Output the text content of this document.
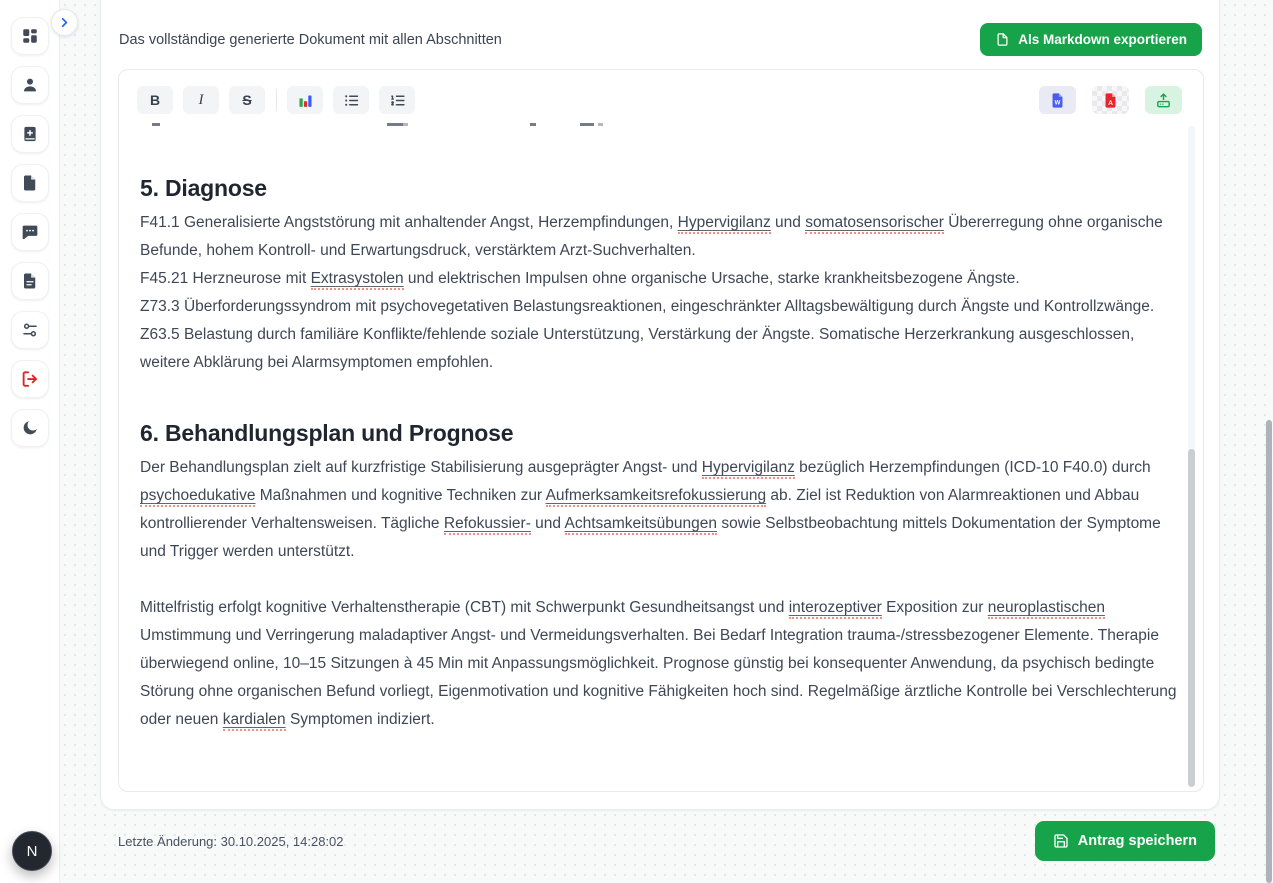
N
Das vollständige generierte Dokument mit allen Abschnitten	Als Markdown exportieren
B	I	S	W	A
5. Diagnose

F41.1 Generalisierte Angststörung mit anhaltender Angst, Herzempfindungen, Hypervigilanz und somatosensorischer Übererregung ohne organische Befunde, hohem Kontroll- und Erwartungsdruck, verstärktem Arzt-Suchverhalten.

F45.21 Herzneurose mit Extrasystolen und elektrischen Impulsen ohne organische Ursache, starke krankheitsbezogene Ängste.

Z73.3 Überforderungssyndrom mit psychovegetativen Belastungsreaktionen, eingeschränkter Alltagsbewältigung durch Ängste und Kontrollzwänge.

Z63.5 Belastung durch familiäre Konflikte/fehlende soziale Unterstützung, Verstärkung der Ängste. Somatische Herzerkrankung ausgeschlossen, weitere Abklärung bei Alarmsymptomen empfohlen.

6. Behandlungsplan und Prognose

Der Behandlungsplan zielt auf kurzfristige Stabilisierung ausgeprägter Angst- und Hypervigilanz bezüglich Herzempfindungen (ICD-10 F40.0) durch psychoedukative Maßnahmen und kognitive Techniken zur Aufmerksamkeitsrefokussierung ab. Ziel ist Reduktion von Alarmreaktionen und Abbau kontrollierender Verhaltensweisen. Tägliche Refokussier- und Achtsamkeitsübungen sowie Selbstbeobachtung mittels Dokumentation der Symptome und Trigger werden unterstützt.

Mittelfristig erfolgt kognitive Verhaltenstherapie (CBT) mit Schwerpunkt Gesundheitsangst und interozeptiver Exposition zur neuroplastischen Umstimmung und Verringerung maladaptiver Angst- und Vermeidungsverhalten. Bei Bedarf Integration trauma-/stressbezogener Elemente. Therapie überwiegend online, 10–15 Sitzungen à 45 Min mit Anpassungsmöglichkeit. Prognose günstig bei konsequenter Anwendung, da psychisch bedingte Störung ohne organischen Befund vorliegt, Eigenmotivation und kognitive Fähigkeiten hoch sind. Regelmäßige ärztliche Kontrolle bei Verschlechterung oder neuen kardialen Symptomen indiziert.

Letzte Änderung: 30.10.2025, 14:28:02	Antrag speichern
